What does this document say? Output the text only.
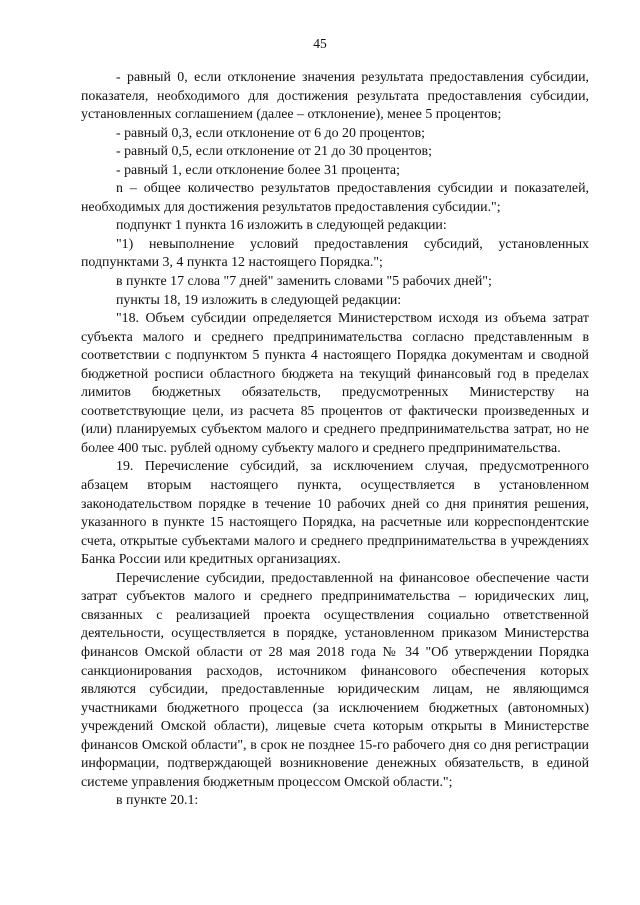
45

- равный 0, если отклонение значения результата предоставления субсидии, показателя, необходимого для достижения результата предоставления субсидии, установленных соглашением (далее – отклонение), менее 5 процентов;

- равный 0,3, если отклонение от 6 до 20 процентов;

- равный 0,5, если отклонение от 21 до 30 процентов;

- равный 1, если отклонение более 31 процента;

n – общее количество результатов предоставления субсидии и показателей, необходимых для достижения результатов предоставления субсидии.";

подпункт 1 пункта 16 изложить в следующей редакции:

"1) невыполнение условий предоставления субсидий, установленных подпунктами 3, 4 пункта 12 настоящего Порядка.";

в пункте 17 слова "7 дней" заменить словами "5 рабочих дней";

пункты 18, 19 изложить в следующей редакции:

"18. Объем субсидии определяется Министерством исходя из объема затрат субъекта малого и среднего предпринимательства согласно представленным в соответствии с подпунктом 5 пункта 4 настоящего Порядка документам и сводной бюджетной росписи областного бюджета на текущий финансовый год в пределах лимитов бюджетных обязательств, предусмотренных Министерству на соответствующие цели, из расчета 85 процентов от фактически произведенных и (или) планируемых субъектом малого и среднего предпринимательства затрат, но не более 400 тыс. рублей одному субъекту малого и среднего предпринимательства.

19. Перечисление субсидий, за исключением случая, предусмотренного абзацем вторым настоящего пункта, осуществляется в установленном законодательством порядке в течение 10 рабочих дней со дня принятия решения, указанного в пункте 15 настоящего Порядка, на расчетные или корреспондентские счета, открытые субъектами малого и среднего предпринимательства в учреждениях Банка России или кредитных организациях.

Перечисление субсидии, предоставленной на финансовое обеспечение части затрат субъектов малого и среднего предпринимательства – юридических лиц, связанных с реализацией проекта осуществления социально ответственной деятельности, осуществляется в порядке, установленном приказом Министерства финансов Омской области от 28 мая 2018 года № 34 "Об утверждении Порядка санкционирования расходов, источником финансового обеспечения которых являются субсидии, предоставленные юридическим лицам, не являющимся участниками бюджетного процесса (за исключением бюджетных (автономных) учреждений Омской области), лицевые счета которым открыты в Министерстве финансов Омской области", в срок не позднее 15-го рабочего дня со дня регистрации информации, подтверждающей возникновение денежных обязательств, в единой системе управления бюджетным процессом Омской области.";

в пункте 20.1:
